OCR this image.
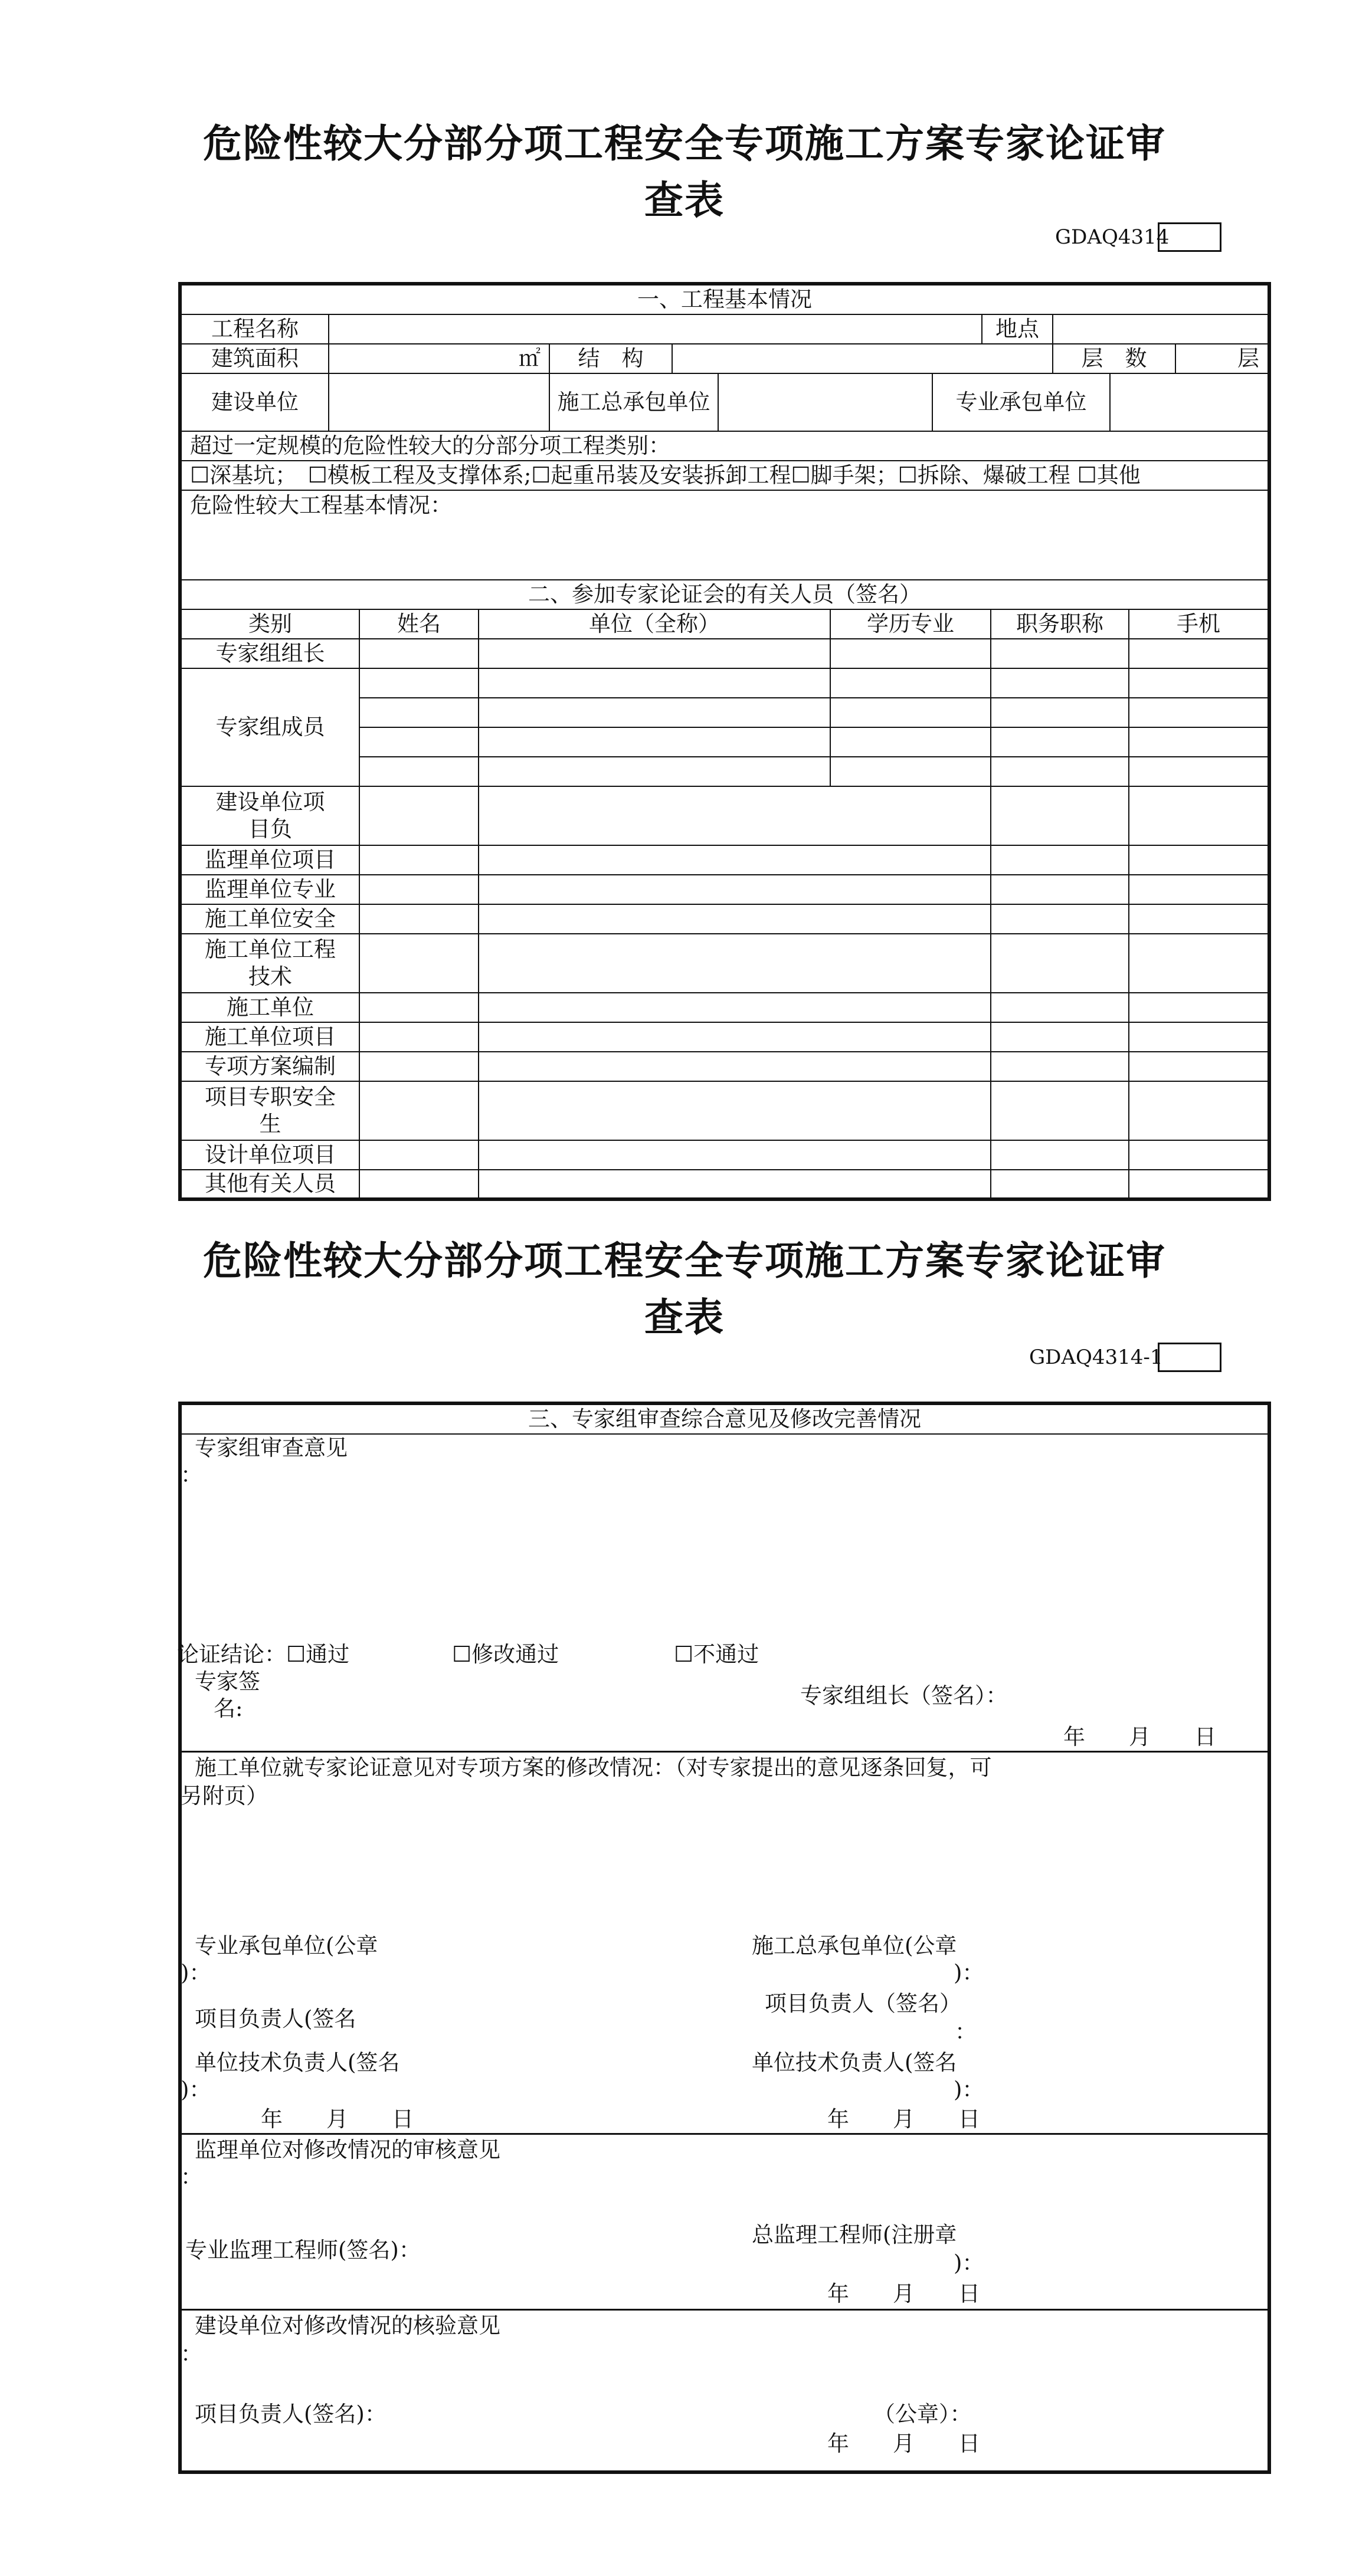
危险性较大分部分项工程安全专项施工方案专家论证审
查表
GDAQ4314
一、工程基本情况
工程名称	地点
建筑面积	㎡	结　构	层　数	层
建设单位	施工总承包单位	专业承包单位
超过一定规模的危险性较大的分部分项工程类别：
☐深基坑；　☐模板工程及支撑体系;☐起重吊装及安装拆卸工程☐脚手架；☐拆除、爆破工程 ☐其他
危险性较大工程基本情况：
二、参加专家论证会的有关人员（签名）
类别	姓名	单位（全称）	学历专业	职务职称	手机
专家组组长
专家组成员
建设单位项目负
监理单位项目
监理单位专业
施工单位安全
施工单位工程技术
施工单位
施工单位项目
专项方案编制
项目专职安全生
设计单位项目
其他有关人员
危险性较大分部分项工程安全专项施工方案专家论证审
查表
GDAQ4314-1
三、专家组审查综合意见及修改完善情况
专家组审查意见
：
论证结论：☐通过	☐修改通过	☐不通过
专家签
名:
专家组组长（签名）：
年　　月　　日
施工单位就专家论证意见对专项方案的修改情况：（对专家提出的意见逐条回复，可
另附页）
专业承包单位(公章
)：
施工总承包单位(公章
)：
项目负责人(签名
项目负责人（签名）
：
单位技术负责人(签名
)：
单位技术负责人(签名
)：
年　　月　　日	年　　月　　日
监理单位对修改情况的审核意见
：
专业监理工程师(签名)：
总监理工程师(注册章
)：
年　　月　　日
建设单位对修改情况的核验意见
：
项目负责人(签名)：	（公章）：
年　　月　　日
